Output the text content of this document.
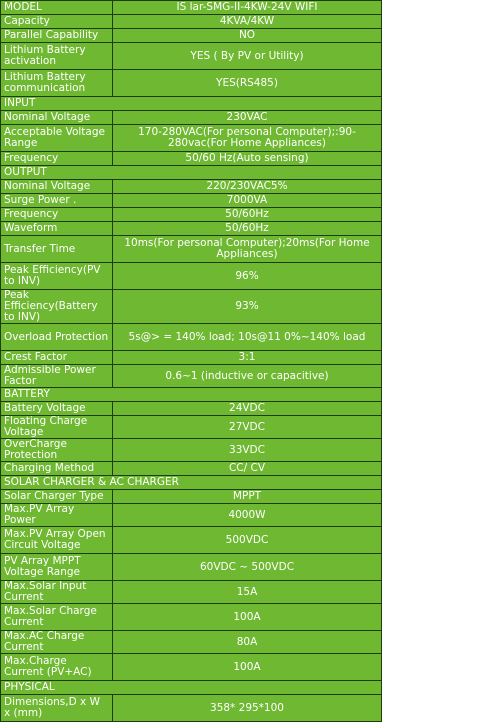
MODEL	IS lar-SMG-II-4KW-24V WIFI
Capacity	4KVA/4KW
Parallel Capability	NO
Lithium Battery activation	YES ( By PV or Utility)
Lithium Battery communication	YES(RS485)
INPUT	
Nominal Voltage	230VAC
Acceptable Voltage Range	170-280VAC(For personal Computer);:90-280vac(For Home Appliances)
Frequency	50/60 Hz(Auto sensing)
OUTPUT	
Nominal Voltage	220/230VAC5%
Surge Power .	7000VA
Frequency	50/60Hz
Waveform	50/60Hz
Transfer Time	10ms(For personal Computer);20ms(For Home Appliances)
Peak Efficiency(PV to INV)	96%
Peak Efficiency(Battery to INV)	93%
Overload Protection	5s@> = 140% load; 10s@11 0%~140% load
Crest Factor	3:1
Admissible Power Factor	0.6~1 (inductive or capacitive)
BATTERY	
Battery Voltage	24VDC
Floating Charge Voltage	27VDC
OverCharge Protection	33VDC
Charging Method	CC/ CV
SOLAR CHARGER & AC CHARGER	
Solar Charger Type	MPPT
Max.PV Array Power	4000W
Max.PV Array Open Circuit Voltage	500VDC
PV Array MPPT Voltage Range	60VDC ~ 500VDC
Max.Solar Input Current	15A
Max.Solar Charge Current	100A
Max.AC Charge Current	80A
Max.Charge Current (PV+AC)	100A
PHYSICAL	
Dimensions,D x W x (mm)	358* 295*100
